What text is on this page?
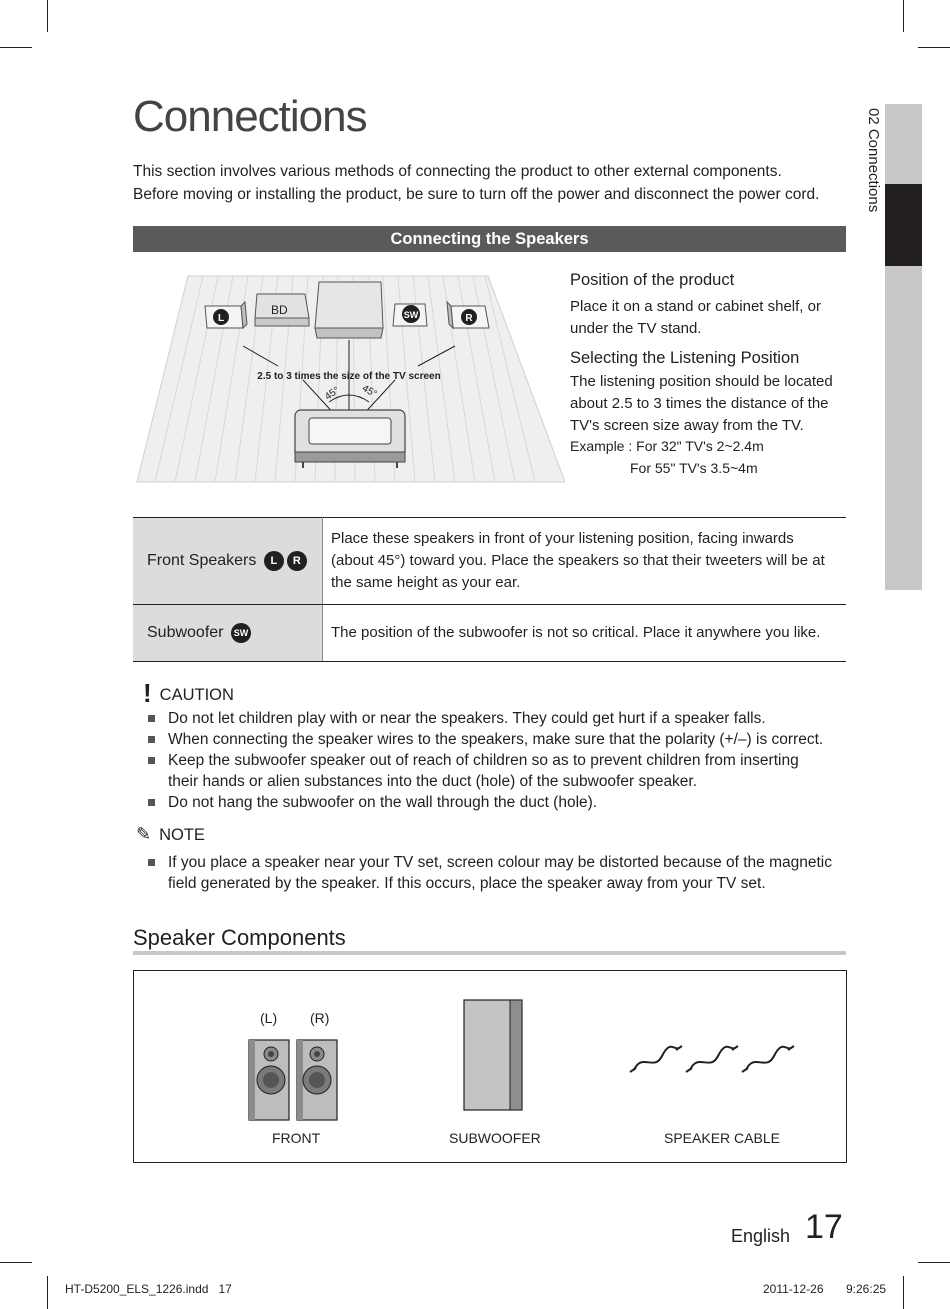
Connections
This section involves various methods of connecting the product to other external components.
Before moving or installing the product, be sure to turn off the power and disconnect the power cord.	02 Connections
Connecting the Speakers
L	SW	R
BD
2.5 to 3 times the size of the TV screen
45° 45°
Position of the product
Place it on a stand or cabinet shelf, or under the TV stand.
Selecting the Listening Position
The listening position should be located about 2.5 to 3 times the distance of the TV's screen size away from the TV.
Example : For 32" TV's 2~2.4m
For 55" TV's 3.5~4m
Front Speakers L R	Place these speakers in front of your listening position, facing inwards (about 45°) toward you. Place the speakers so that their tweeters will be at the same height as your ear.
Subwoofer SW	The position of the subwoofer is not so critical. Place it anywhere you like.
! CAUTION
Do not let children play with or near the speakers. They could get hurt if a speaker falls.
When connecting the speaker wires to the speakers, make sure that the polarity (+/–) is correct.
Keep the subwoofer speaker out of reach of children so as to prevent children from inserting their hands or alien substances into the duct (hole) of the subwoofer speaker.
Do not hang the subwoofer on the wall through the duct (hole).
✎ NOTE
If you place a speaker near your TV set, screen colour may be distorted because of the magnetic field generated by the speaker. If this occurs, place the speaker away from your TV set.
Speaker Components
(L) (R)
FRONT	SUBWOOFER	SPEAKER CABLE
English 17
HT-D5200_ELS_1226.indd   17	2011-12-26 9:26:25
